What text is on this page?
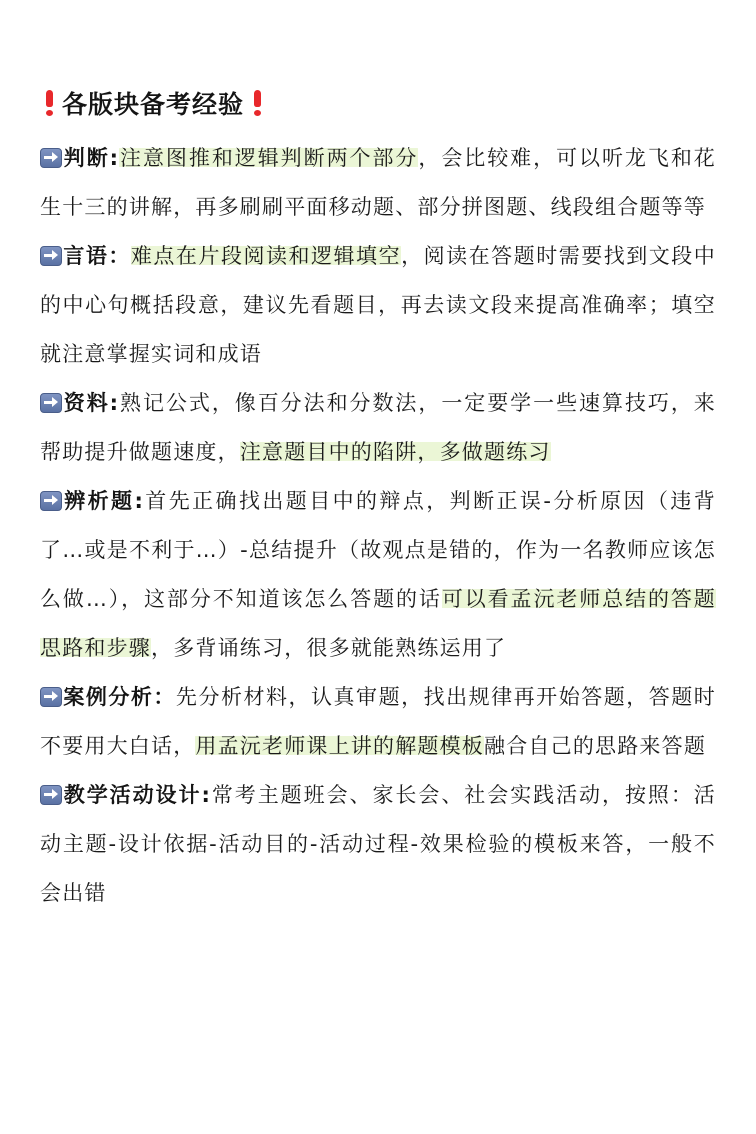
各版块备考经验

判断:注意图推和逻辑判断两个部分，会比较难，可以听龙飞和花生十三的讲解，再多刷刷平面移动题、部分拼图题、线段组合题等等

言语：难点在片段阅读和逻辑填空，阅读在答题时需要找到文段中的中心句概括段意，建议先看题目，再去读文段来提高准确率；填空就注意掌握实词和成语

资料:熟记公式，像百分法和分数法，一定要学一些速算技巧，来帮助提升做题速度，注意题目中的陷阱，多做题练习

辨析题:首先正确找出题目中的辩点，判断正误-分析原因（违背了…或是不利于…）-总结提升（故观点是错的，作为一名教师应该怎么做…），这部分不知道该怎么答题的话可以看孟沅老师总结的答题思路和步骤，多背诵练习，很多就能熟练运用了

案例分析：先分析材料，认真审题，找出规律再开始答题，答题时不要用大白话，用孟沅老师课上讲的解题模板融合自己的思路来答题

教学活动设计:常考主题班会、家长会、社会实践活动，按照：活动主题-设计依据-活动目的-活动过程-效果检验的模板来答，一般不会出错
